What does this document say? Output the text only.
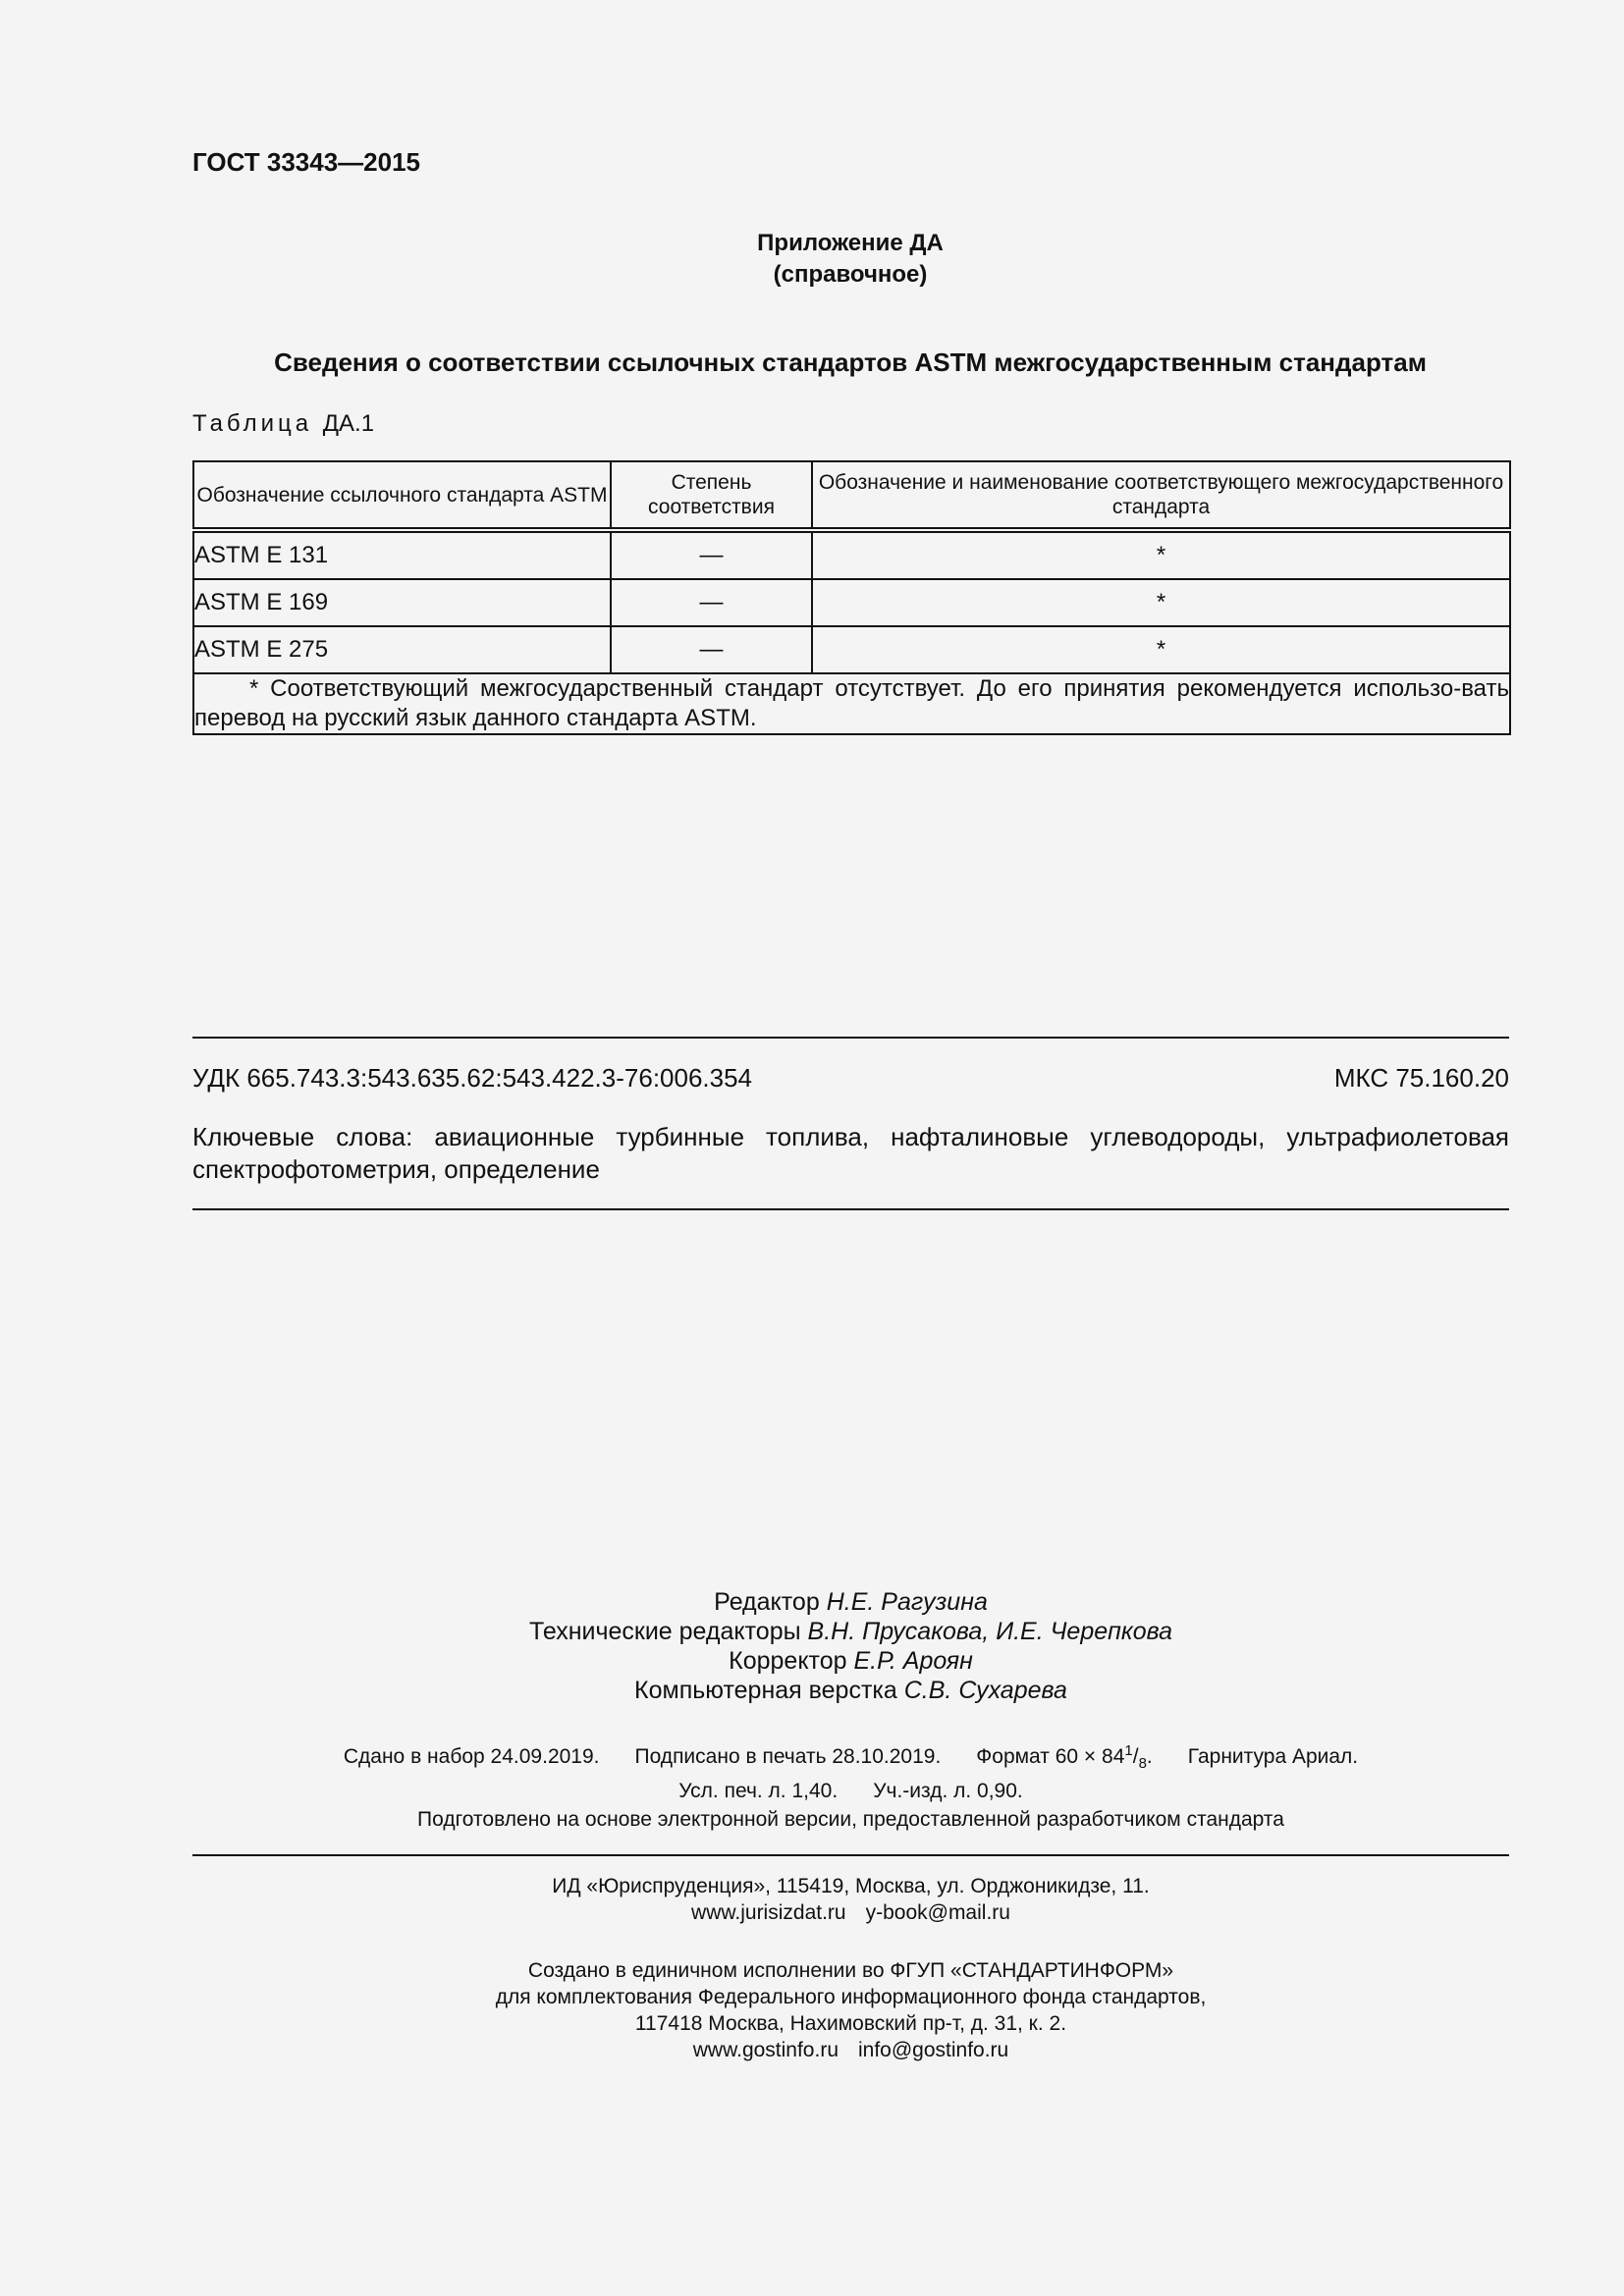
ГОСТ 33343—2015
Приложение ДА
(справочное)
Сведения о соответствии ссылочных стандартов ASTM межгосударственным стандартам
Таблица ДА.1
Обозначение ссылочного стандарта ASTM	Степень соответствия	Обозначение и наименование соответствующего межгосударственного стандарта
ASTM E 131	—	*
ASTM E 169	—	*
ASTM E 275	—	*
* Соответствующий межгосударственный стандарт отсутствует. До его принятия рекомендуется использо-вать перевод на русский язык данного стандарта ASTM.		
УДК 665.743.3:543.635.62:543.422.3-76:006.354	МКС 75.160.20
Ключевые слова: авиационные турбинные топлива, нафталиновые углеводороды, ультрафиолетовая спектрофотометрия, определение
Редактор Н.Е. Рагузина
Технические редакторы В.Н. Прусакова, И.Е. Черепкова
Корректор Е.Р. Ароян
Компьютерная верстка С.В. Сухарева
Сдано в набор 24.09.2019. Подписано в печать 28.10.2019. Формат $60 \times 84^1/_8$. Гарнитура Ариал.
Усл. печ. л. 1,40. Уч.-изд. л. 0,90.
Подготовлено на основе электронной версии, предоставленной разработчиком стандарта
ИД «Юриспруденция», 115419, Москва, ул. Орджоникидзе, 11.
www.jurisizdat.ru y-book@mail.ru
Создано в единичном исполнении во ФГУП «СТАНДАРТИНФОРМ»
для комплектования Федерального информационного фонда стандартов,
117418 Москва, Нахимовский пр-т, д. 31, к. 2.
www.gostinfo.ru info@gostinfo.ru
